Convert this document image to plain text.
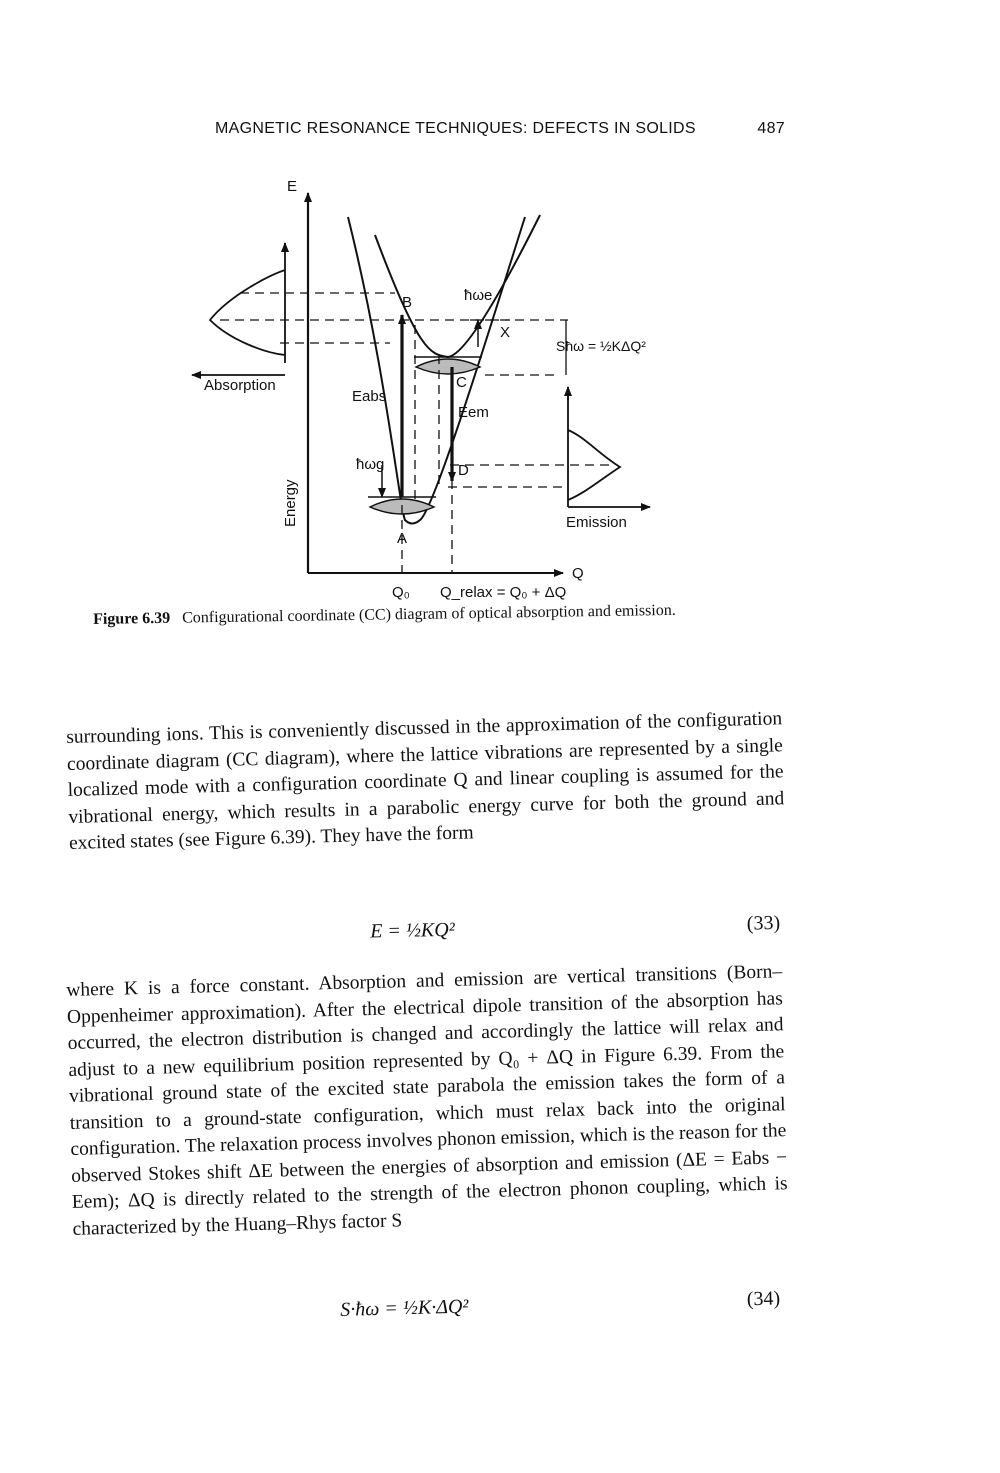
MAGNETIC RESONANCE TECHNIQUES: DEFECTS IN SOLIDS	487
E
Energy
Q
Q₀ Q_relax = Q₀ + ΔQ
Absorption
Emission
B
C
D
A
X
ħωe
ħωg
Eabs
Eem
Sħω = ½KΔQ²
Figure 6.39 Configurational coordinate (CC) diagram of optical absorption and emission.
surrounding ions. This is conveniently discussed in the approximation of the configuration coordinate diagram (CC diagram), where the lattice vibrations are represented by a single localized mode with a configuration coordinate Q and linear coupling is assumed for the vibrational energy, which results in a parabolic energy curve for both the ground and excited states (see Figure 6.39). They have the form
E = ½KQ²	(33)
where K is a force constant. Absorption and emission are vertical transitions (Born–Oppenheimer approximation). After the electrical dipole transition of the absorption has occurred, the electron distribution is changed and accordingly the lattice will relax and adjust to a new equilibrium position represented by Q₀ + ΔQ in Figure 6.39. From the vibrational ground state of the excited state parabola the emission takes the form of a transition to a ground-state configuration, which must relax back into the original configuration. The relaxation process involves phonon emission, which is the reason for the observed Stokes shift ΔE between the energies of absorption and emission (ΔE = Eabs − Eem); ΔQ is directly related to the strength of the electron phonon coupling, which is characterized by the Huang–Rhys factor S
S·ħω = ½K·ΔQ²	(34)
